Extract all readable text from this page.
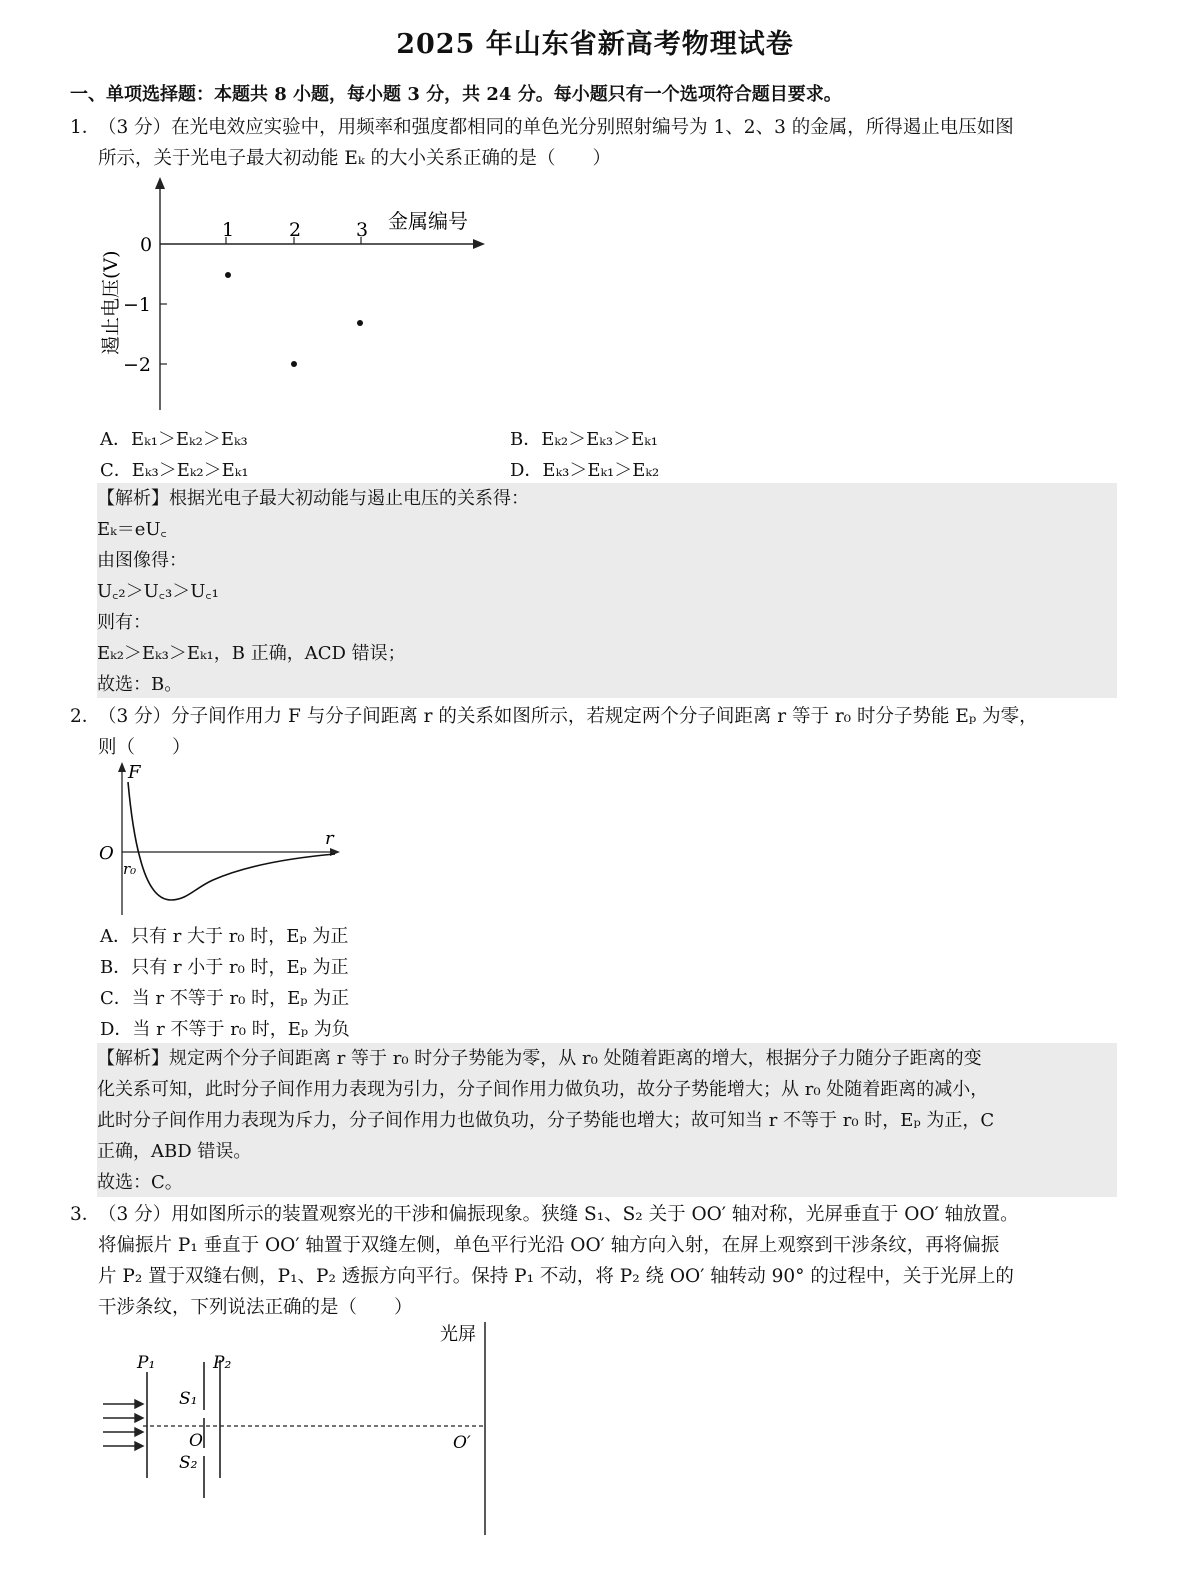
2025 年山东省新高考物理试卷
一、单项选择题：本题共 8 小题，每小题 3 分，共 24 分。每小题只有一个选项符合题目要求。
1．
（3 分）在光电效应实验中，用频率和强度都相同的单色光分别照射编号为 1、2、3 的金属，所得遏止电压如图
所示，关于光电子最大初动能 Eₖ 的大小关系正确的是（　　）
1	2	3 金属编号
0
−1
−2
遏止电压(V)
A．Eₖ₁＞Eₖ₂＞Eₖ₃	B．Eₖ₂＞Eₖ₃＞Eₖ₁
C．Eₖ₃＞Eₖ₂＞Eₖ₁	D．Eₖ₃＞Eₖ₁＞Eₖ₂
【解析】根据光电子最大初动能与遏止电压的关系得：
Eₖ＝eU꜀
由图像得：
U꜀₂＞U꜀₃＞U꜀₁
则有：
Eₖ₂＞Eₖ₃＞Eₖ₁，B 正确，ACD 错误；
故选：B。
2．
（3 分）分子间作用力 F 与分子间距离 r 的关系如图所示，若规定两个分子间距离 r 等于 r₀ 时分子势能 Eₚ 为零，
则（　　）
F
r
O
r₀
A．只有 r 大于 r₀ 时，Eₚ 为正
B．只有 r 小于 r₀ 时，Eₚ 为正
C．当 r 不等于 r₀ 时，Eₚ 为正
D．当 r 不等于 r₀ 时，Eₚ 为负
【解析】规定两个分子间距离 r 等于 r₀ 时分子势能为零，从 r₀ 处随着距离的增大，根据分子力随分子距离的变
化关系可知，此时分子间作用力表现为引力，分子间作用力做负功，故分子势能增大；从 r₀ 处随着距离的减小，
此时分子间作用力表现为斥力，分子间作用力也做负功，分子势能也增大；故可知当 r 不等于 r₀ 时，Eₚ 为正，C
正确，ABD 错误。
故选：C。
3．
（3 分）用如图所示的装置观察光的干涉和偏振现象。狭缝 S₁、S₂ 关于 OO′ 轴对称，光屏垂直于 OO′ 轴放置。
将偏振片 P₁ 垂直于 OO′ 轴置于双缝左侧，单色平行光沿 OO′ 轴方向入射，在屏上观察到干涉条纹，再将偏振
片 P₂ 置于双缝右侧，P₁、P₂ 透振方向平行。保持 P₁ 不动，将 P₂ 绕 OO′ 轴转动 90° 的过程中，关于光屏上的
干涉条纹，下列说法正确的是（　　）
光屏
P₁
S₁
S₂
O
P₂
O′
